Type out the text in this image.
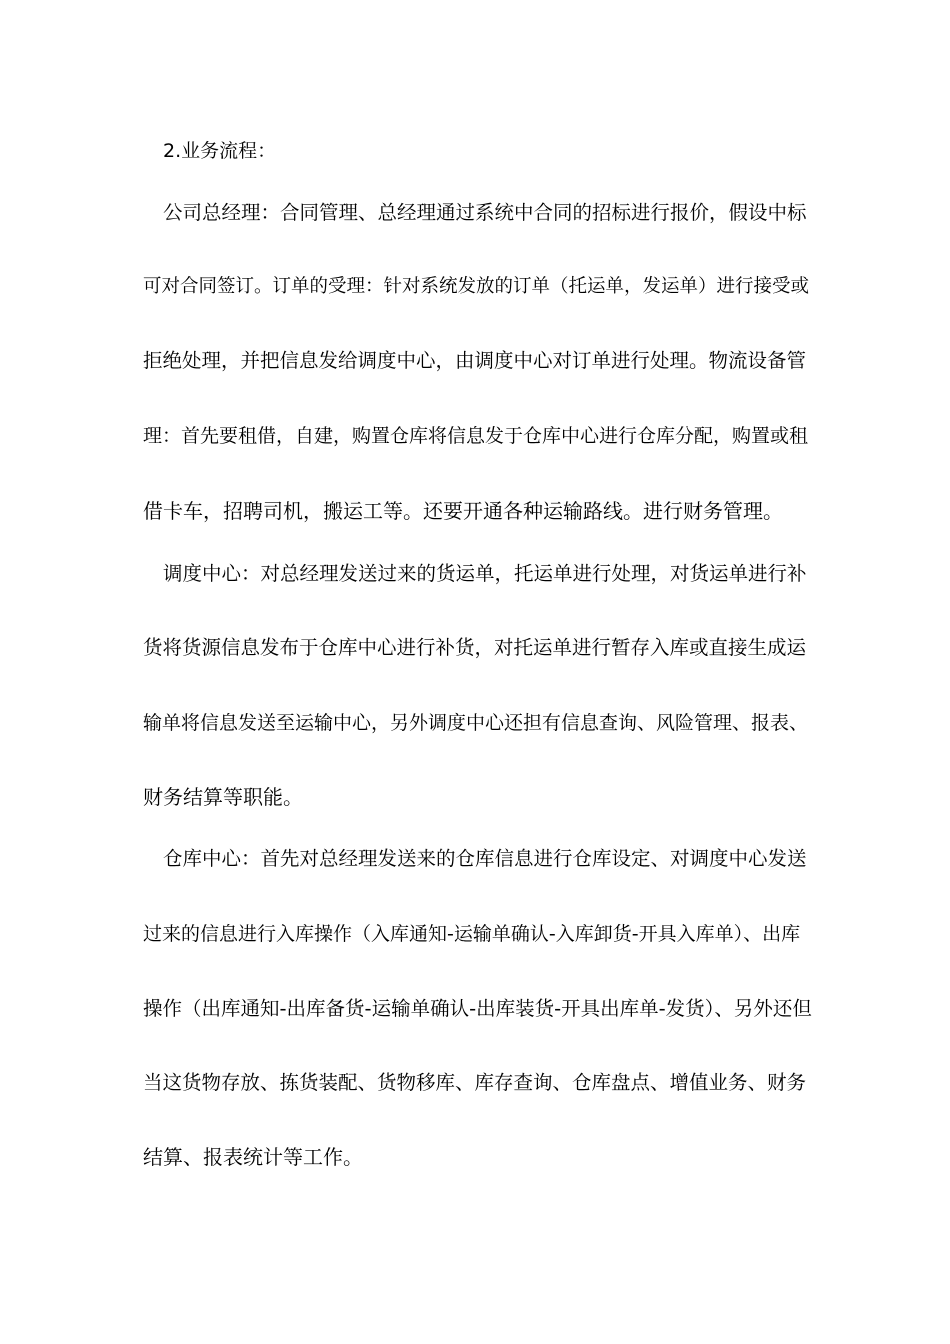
2.业务流程：
公司总经理：合同管理、总经理通过系统中合同的招标进行报价，假设中标
可对合同签订。订单的受理：针对系统发放的订单（托运单，发运单）进行接受或
拒绝处理，并把信息发给调度中心，由调度中心对订单进行处理。物流设备管
理：首先要租借，自建，购置仓库将信息发于仓库中心进行仓库分配，购置或租
借卡车，招聘司机，搬运工等。还要开通各种运输路线。进行财务管理。
调度中心：对总经理发送过来的货运单，托运单进行处理，对货运单进行补
货将货源信息发布于仓库中心进行补货，对托运单进行暂存入库或直接生成运
输单将信息发送至运输中心，另外调度中心还担有信息查询、风险管理、报表、
财务结算等职能。
仓库中心：首先对总经理发送来的仓库信息进行仓库设定、对调度中心发送
过来的信息进行入库操作（入库通知-运输单确认-入库卸货-开具入库单）、出库
操作（出库通知-出库备货-运输单确认-出库装货-开具出库单-发货）、另外还但
当这货物存放、拣货装配、货物移库、库存查询、仓库盘点、增值业务、财务
结算、报表统计等工作。
